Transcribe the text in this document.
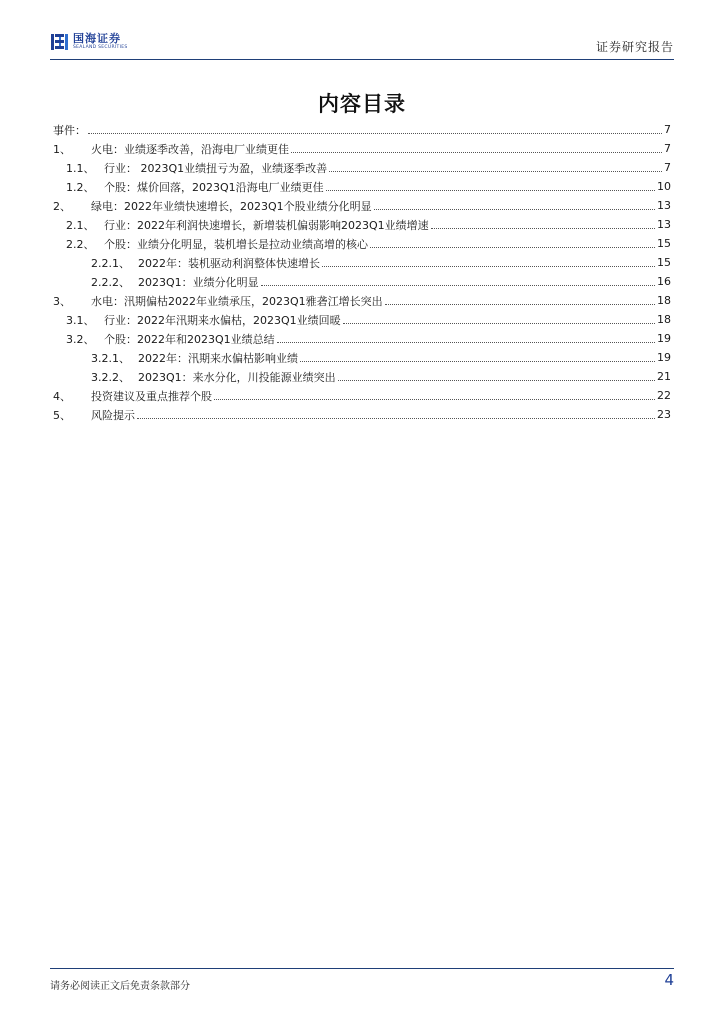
国海证券
SEALAND SECURITIES	证券研究报告
内容目录
事件：	7
1、	火电：业绩逐季改善，沿海电厂业绩更佳	7
1.1、 行业： 2023Q1业绩扭亏为盈，业绩逐季改善	7
1.2、 个股：煤价回落，2023Q1沿海电厂业绩更佳	10
2、	绿电：2022年业绩快速增长，2023Q1个股业绩分化明显	13
2.1、 行业：2022年利润快速增长，新增装机偏弱影响2023Q1业绩增速	13
2.2、 个股：业绩分化明显，装机增长是拉动业绩高增的核心	15
2.2.1、 2022年：装机驱动利润整体快速增长	15
2.2.2、 2023Q1：业绩分化明显	16
3、	水电：汛期偏枯2022年业绩承压，2023Q1雅砻江增长突出	18
3.1、 行业：2022年汛期来水偏枯，2023Q1业绩回暖	18
3.2、 个股：2022年和2023Q1业绩总结	19
3.2.1、 2022年：汛期来水偏枯影响业绩	19
3.2.2、 2023Q1：来水分化，川投能源业绩突出	21
4、	投资建议及重点推荐个股	22
5、	风险提示	23
请务必阅读正文后免责条款部分	4
